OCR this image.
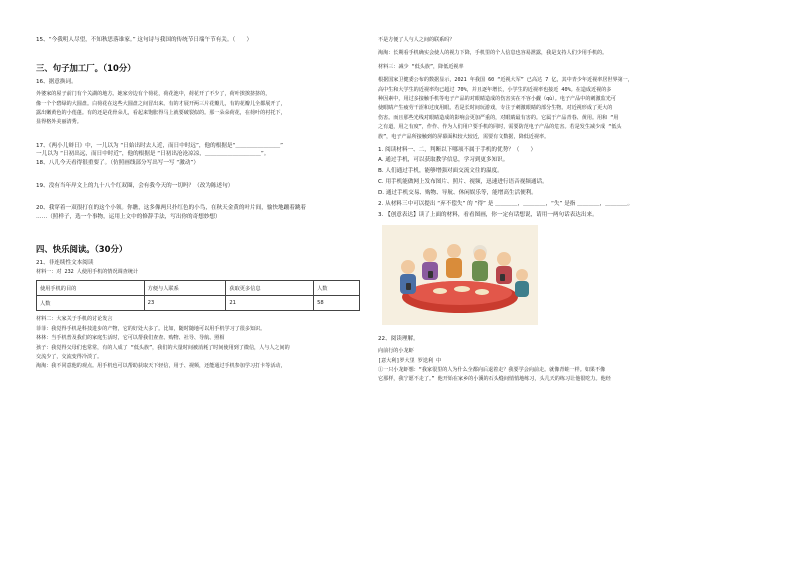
15、“今我明人尽望，不知秋思落谁家。” 这句诗与我国的传统节日端午节有关。（　　）
三、句子加工厂。（10分）
16、据意换词。
外婆家的屋子前门有个关湖的地方。她家旁边有个荷花，荷花池中，荷花开了不少了，荷叶挨挨挤挤的，
像一个个碧绿的大圆盘。白荷花在这些大圆盘之间冒出来。有的才展开两三片花瓣儿，有的花瓣儿全都展开了，
露出嫩黄色的小莲蓬。有的还是花骨朵儿，看起来饱胀得马上就要破裂似的。那一朵朵荷花，在荷叶的衬托下，
显得格外美丽清秀。
17、《两小儿辩日》中，一儿以为 “日始出时去人近，而日中时远”，他的根据是“＿＿＿＿＿＿＿＿”
一儿以为 “日初出远，而日中时近”，他的根据是 “日初出沧沧凉凉，＿＿＿＿＿＿＿＿＿＿”。
18、八儿今天看得很重要了。（仿照画线部分写出写一写 “激动”）
19、没有当年岸文上的九十八个红双圈，会有我今天的一切吗？（改为陈述句）
20、我穿着一双很打在的这个小领。你瞧，这多像两只扑红色的小鸟，在秋天金黄的叶片间，愉快地蹦着跳着
……（照样子，选一个事物，运用上文中的修辞手法，写出你的奇想妙想）
四、快乐阅读。（30分）
21、非连续性文本阅读
材料一：对 232 人使用手机的情况调查统计
使用手机的目的	方便与人联系	获取更多信息	人数
人数	23	21	58
材料二：大家关于手机的讨论发言
菲菲：我觉得手机是科技进步的产物，它的好处大多了。比如，随时随地可以用手机学习了很多知识。
林林：当手机普及我们的家庭生活时，它可以帮我们查查、购物、社导、导航、照相
孩子：我觉得父母们也常常，有的人成了 “低头族”，我们的大量时间被消耗了时间使用到了微信，人与人之间的
交流少了，交流变得冷淡了。
淘淘：我不同意他的观点。用手机也可以帮助获取天下轻信，用于、视频，还能通过手机参加学习打卡等活动，
不是方便了人与人之间的联系吗？
淘淘：长期看手机确实会使人的视力下降，手机里的个人信息也容易泄露，我是支持人们少用手机的。
材料三：减少 “低头族”，降低近视率
根据国家卫健委公布的数据显示，2021 年我国 60 “近视大军” 已高达 7 亿，其中青少年近视率居世界第一，
高中生和大学生的近视率均已超过 70%，并且逐年增长，小学生的近视率也接近 40%。在造成近视的多
种因素中，用过多接触手机等电子产品的对眼睛造成的伤害实在不容小觑（qù）。电子产品中的刺激监光可
使眼睛产生疲劳干涩和过度用眼。若是长时间玩游戏，专注于刺激眼睛的部分生物。对近视形成了更大的
伤害。而且那些光线对眼睛造成的影响会更加严重的，对眼睛最有害的。它属于产品青春、黄用。用和 “用
之有道，用之有度”，作作、作为人们用户要手机的同时，需要防范电子产品的危害。若是发生减少成 “低头
族”，电子产品所接触到的屏幕面积较大较近，需要有文数据，降低近视率。
1. 阅读材料一、二，判断以下哪项不属于手机的优势？（　　）
A. 通过手机，可以获取教学信息，学习到更多知识。
B. 人们通过手机，能够增强对面交流文往的温度。
C. 用手机能做网上发布图片、照片、视频，迅速进行语音视频通话。
D. 通过手机交易、购物、导航、休闲娱乐等，能增高生活便利。
2. 从材料三中可以提出 “弃不偿失” 的 “得” 是 ＿＿＿＿，＿＿＿＿，“失” 是指 ＿＿＿＿，＿＿＿＿。
3. 【创意表达】读了上面的材料，看看图画，你一定有话想说，请用一两句话表达出来。
22、阅读理解。
向前行的小龙虾
[意大利]罗大里 罗迭利 中
①一只小龙虾想：“我家很里的人为什么全都向后退着走？我要学会向前走。就像青蛙一样。如果不像
它那样，我宁愿不走了。” 他开始在家乡的小溪的石头缝间悄悄地练习，头几天的练习让他很吃力。他经
